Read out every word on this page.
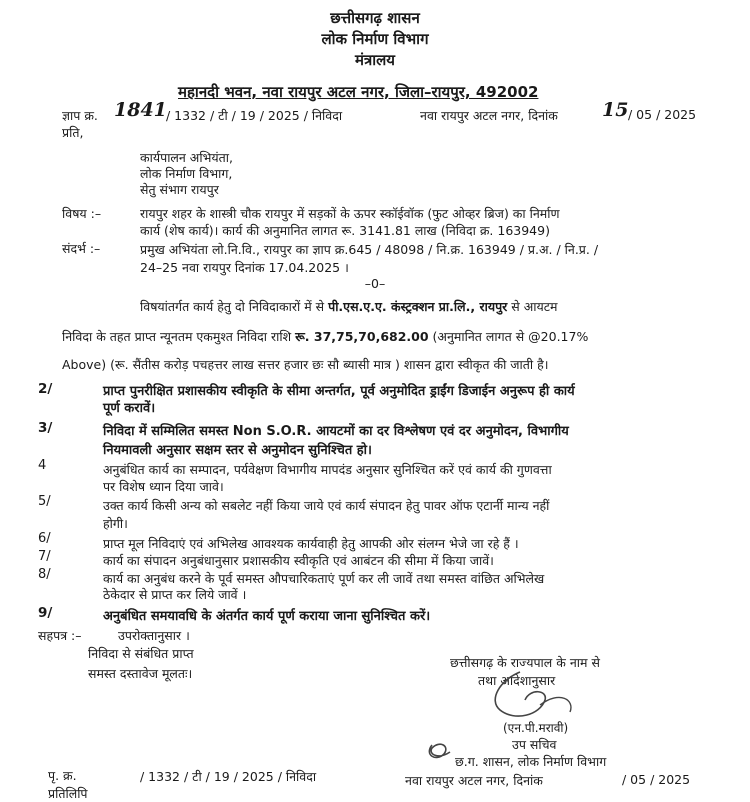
छत्तीसगढ़ शासन
लोक निर्माण विभाग
मंत्रालय
महानदी भवन, नवा रायपुर अटल नगर, जिला–रायपुर, 492002
ज्ञाप क्र. 1841 / 1332 / टी / 19 / 2025 / निविदा	नवा रायपुर अटल नगर, दिनांक 15 / 05 / 2025
प्रति,
कार्यपालन अभियंता,
लोक निर्माण विभाग,
सेतु संभाग रायपुर
विषय :–	रायपुर शहर के शास्त्री चौक रायपुर में सड़कों के ऊपर स्कॉईवॉक (फुट ओव्हर ब्रिज) का निर्माण
कार्य (शेष कार्य)। कार्य की अनुमानित लागत रू. 3141.81 लाख (निविदा क्र. 163949)
संदर्भ :–	प्रमुख अभियंता लो.नि.वि., रायपुर का ज्ञाप क्र.645 / 48098 / नि.क्र. 163949 / प्र.अ. / नि.प्र. /
24–25 नवा रायपुर दिनांक 17.04.2025 ।
–0–
विषयांतर्गत कार्य हेतु दो निविदाकारों में से पी.एस.ए.ए. कंस्ट्रक्शन प्रा.लि., रायपुर से आयटम
निविदा के तहत प्राप्त न्यूनतम एकमुश्त निविदा राशि रू. 37,75,70,682.00 (अनुमानित लागत से @20.17%
Above) (रू. सैंतीस करोड़ पचहत्तर लाख सत्तर हजार छः सौ ब्यासी मात्र ) शासन द्वारा स्वीकृत की जाती है।
2/	प्राप्त पुनरीक्षित प्रशासकीय स्वीकृति के सीमा अन्तर्गत, पूर्व अनुमोदित ड्राईंग डिजाईन अनुरूप ही कार्य
पूर्ण करावें।
3/	निविदा में सम्मिलित समस्त Non S.O.R. आयटमों का दर विश्लेषण एवं दर अनुमोदन, विभागीय
नियमावली अनुसार सक्षम स्तर से अनुमोदन सुनिश्चित हो।
4	अनुबंधित कार्य का सम्पादन, पर्यवेक्षण विभागीय मापदंड अनुसार सुनिश्चित करें एवं कार्य की गुणवत्ता
पर विशेष ध्यान दिया जावे।
5/	उक्त कार्य किसी अन्य को सबलेट नहीं किया जाये एवं कार्य संपादन हेतु पावर ऑफ एटार्नी मान्य नहीं
होगी।
6/	प्राप्त मूल निविदाएं एवं अभिलेख आवश्यक कार्यवाही हेतु आपकी ओर संलग्न भेजे जा रहे हैं ।
7/	कार्य का संपादन अनुबंधानुसार प्रशासकीय स्वीकृति एवं आबंटन की सीमा में किया जावें।
8/	कार्य का अनुबंध करने के पूर्व समस्त औपचारिकताएं पूर्ण कर ली जावें तथा समस्त वांछित अभिलेख
ठेकेदार से प्राप्त कर लिये जावें ।
9/	अनुबंधित समयावधि के अंतर्गत कार्य पूर्ण कराया जाना सुनिश्चित करें।
सहपत्र :–	उपरोक्तानुसार ।
निविदा से संबंधित प्राप्त
समस्त दस्तावेज मूलतः।
छत्तीसगढ़ के राज्यपाल के नाम से
तथा आदेशानुसार
(एन.पी.मरावी)
उप सचिव
छ.ग. शासन, लोक निर्माण विभाग
नवा रायपुर अटल नगर, दिनांक	/ 05 / 2025
पृ. क्र.	/ 1332 / टी / 19 / 2025 / निविदा
प्रतिलिपि
